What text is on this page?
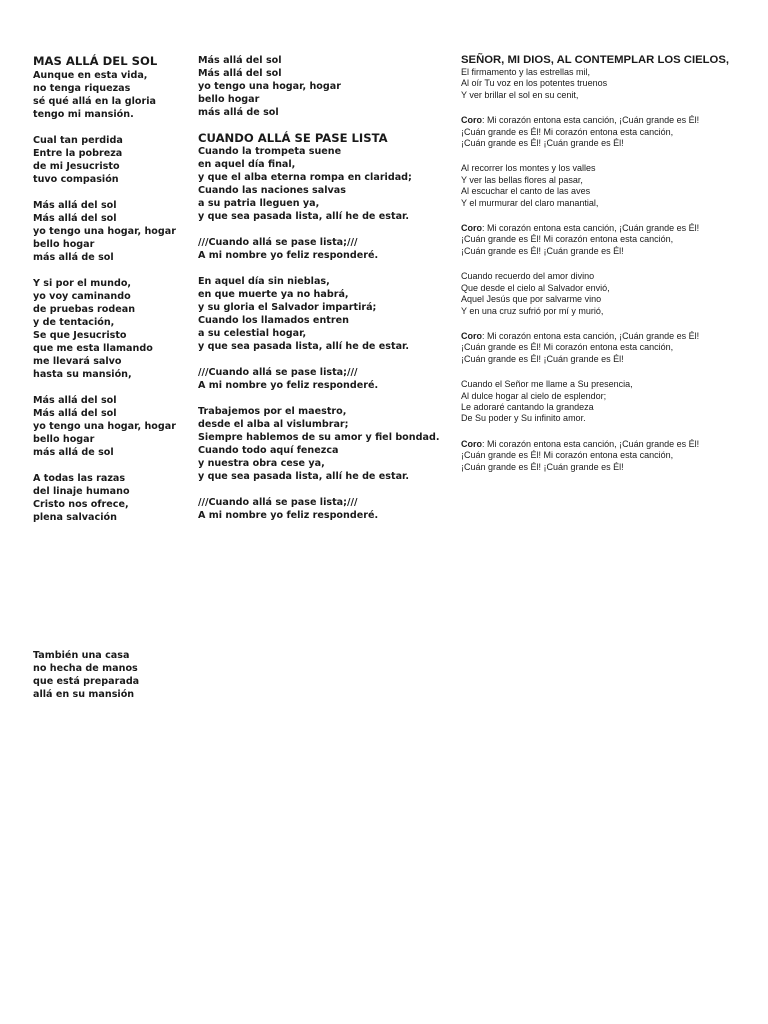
MAS ALLÁ DEL SOL

Aunque en esta vida,

no tenga riquezas

sé qué allá en la gloria

tengo mi mansión.

Cual tan perdida

Entre la pobreza

de mi Jesucristo

tuvo compasión

Más allá del sol

Más allá del sol

yo tengo una hogar, hogar

bello hogar

más allá de sol

Y si por el mundo,

yo voy caminando

de pruebas rodean

y de tentación,

Se que Jesucristo

que me esta llamando

me llevará salvo

hasta su mansión,

Más allá del sol

Más allá del sol

yo tengo una hogar, hogar

bello hogar

más allá de sol

A todas las razas

del linaje humano

Cristo nos ofrece,

plena salvación

También una casa

no hecha de manos

que está preparada

allá en su mansión

Más allá del sol

Más allá del sol

yo tengo una hogar, hogar

bello hogar

más allá de sol

CUANDO ALLÁ SE PASE LISTA

Cuando la trompeta suene

en aquel día final,

y que el alba eterna rompa en claridad;

Cuando las naciones salvas

a su patria lleguen ya,

y que sea pasada lista, allí he de estar.

///Cuando allá se pase lista;///

A mi nombre yo feliz responderé.

En aquel día sin nieblas,

en que muerte ya no habrá,

y su gloria el Salvador impartirá;

Cuando los llamados entren

a su celestial hogar,

y que sea pasada lista, allí he de estar.

///Cuando allá se pase lista;///

A mi nombre yo feliz responderé.

Trabajemos por el maestro,

desde el alba al vislumbrar;

Siempre hablemos de su amor y fiel bondad.

Cuando todo aquí fenezca

y nuestra obra cese ya,

y que sea pasada lista, allí he de estar.

///Cuando allá se pase lista;///

A mi nombre yo feliz responderé.

SEÑOR, MI DIOS, AL CONTEMPLAR LOS CIELOS,

El firmamento y las estrellas mil,

Al oír Tu voz en los potentes truenos

Y ver brillar el sol en su cenit,

Coro: Mi corazón entona esta canción, ¡Cuán grande es Él!

¡Cuán grande es Él! Mi corazón entona esta canción,

¡Cuán grande es Él! ¡Cuán grande es Él!

Al recorrer los montes y los valles

Y ver las bellas flores al pasar,

Al escuchar el canto de las aves

Y el murmurar del claro manantial,

Coro: Mi corazón entona esta canción, ¡Cuán grande es Él!

¡Cuán grande es Él! Mi corazón entona esta canción,

¡Cuán grande es Él! ¡Cuán grande es Él!

Cuando recuerdo del amor divino

Que desde el cielo al Salvador envió,

Aquel Jesús que por salvarme vino

Y en una cruz sufrió por mí y murió,

Coro: Mi corazón entona esta canción, ¡Cuán grande es Él!

¡Cuán grande es Él! Mi corazón entona esta canción,

¡Cuán grande es Él! ¡Cuán grande es Él!

Cuando el Señor me llame a Su presencia,

Al dulce hogar al cielo de esplendor;

Le adoraré cantando la grandeza

De Su poder y Su infinito amor.

Coro: Mi corazón entona esta canción, ¡Cuán grande es Él!

¡Cuán grande es Él! Mi corazón entona esta canción,

¡Cuán grande es Él! ¡Cuán grande es Él!
